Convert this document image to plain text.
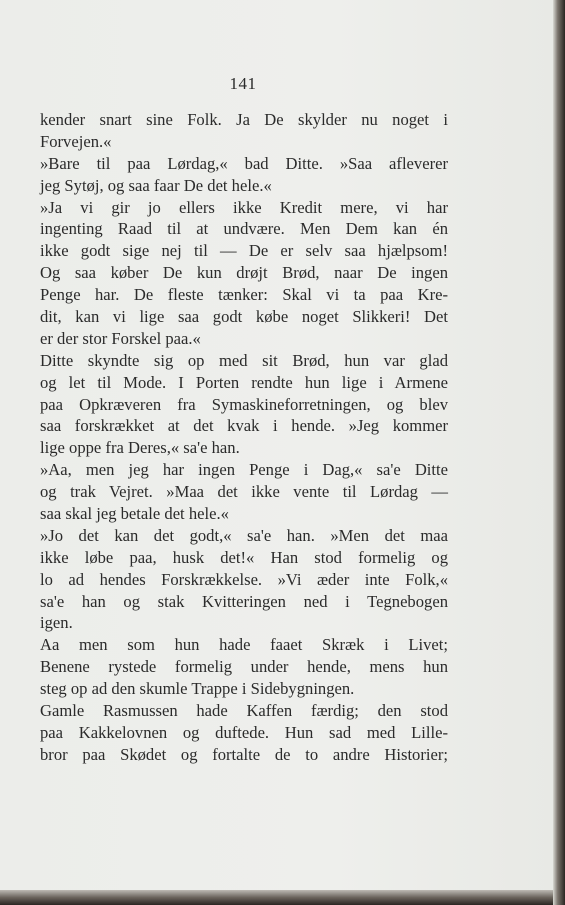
141
kender snart sine Folk. Ja De skylder nu noget i
Forvejen.«
»Bare til paa Lørdag,« bad Ditte. »Saa afleverer
jeg Sytøj, og saa faar De det hele.«
»Ja vi gir jo ellers ikke Kredit mere, vi har
ingenting Raad til at undvære. Men Dem kan én
ikke godt sige nej til — De er selv saa hjælpsom!
Og saa køber De kun drøjt Brød, naar De ingen
Penge har. De fleste tænker: Skal vi ta paa Kre-
dit, kan vi lige saa godt købe noget Slikkeri! Det
er der stor Forskel paa.«
Ditte skyndte sig op med sit Brød, hun var glad
og let til Mode. I Porten rendte hun lige i Armene
paa Opkræveren fra Symaskineforretningen, og blev
saa forskrækket at det kvak i hende. »Jeg kommer
lige oppe fra Deres,« sa'e han.
»Aa, men jeg har ingen Penge i Dag,« sa'e Ditte
og trak Vejret. »Maa det ikke vente til Lørdag —
saa skal jeg betale det hele.«
»Jo det kan det godt,« sa'e han. »Men det maa
ikke løbe paa, husk det!« Han stod formelig og
lo ad hendes Forskrækkelse. »Vi æder inte Folk,«
sa'e han og stak Kvitteringen ned i Tegnebogen
igen.
Aa men som hun hade faaet Skræk i Livet;
Benene rystede formelig under hende, mens hun
steg op ad den skumle Trappe i Sidebygningen.
Gamle Rasmussen hade Kaffen færdig; den stod
paa Kakkelovnen og duftede. Hun sad med Lille-
bror paa Skødet og fortalte de to andre Historier;
